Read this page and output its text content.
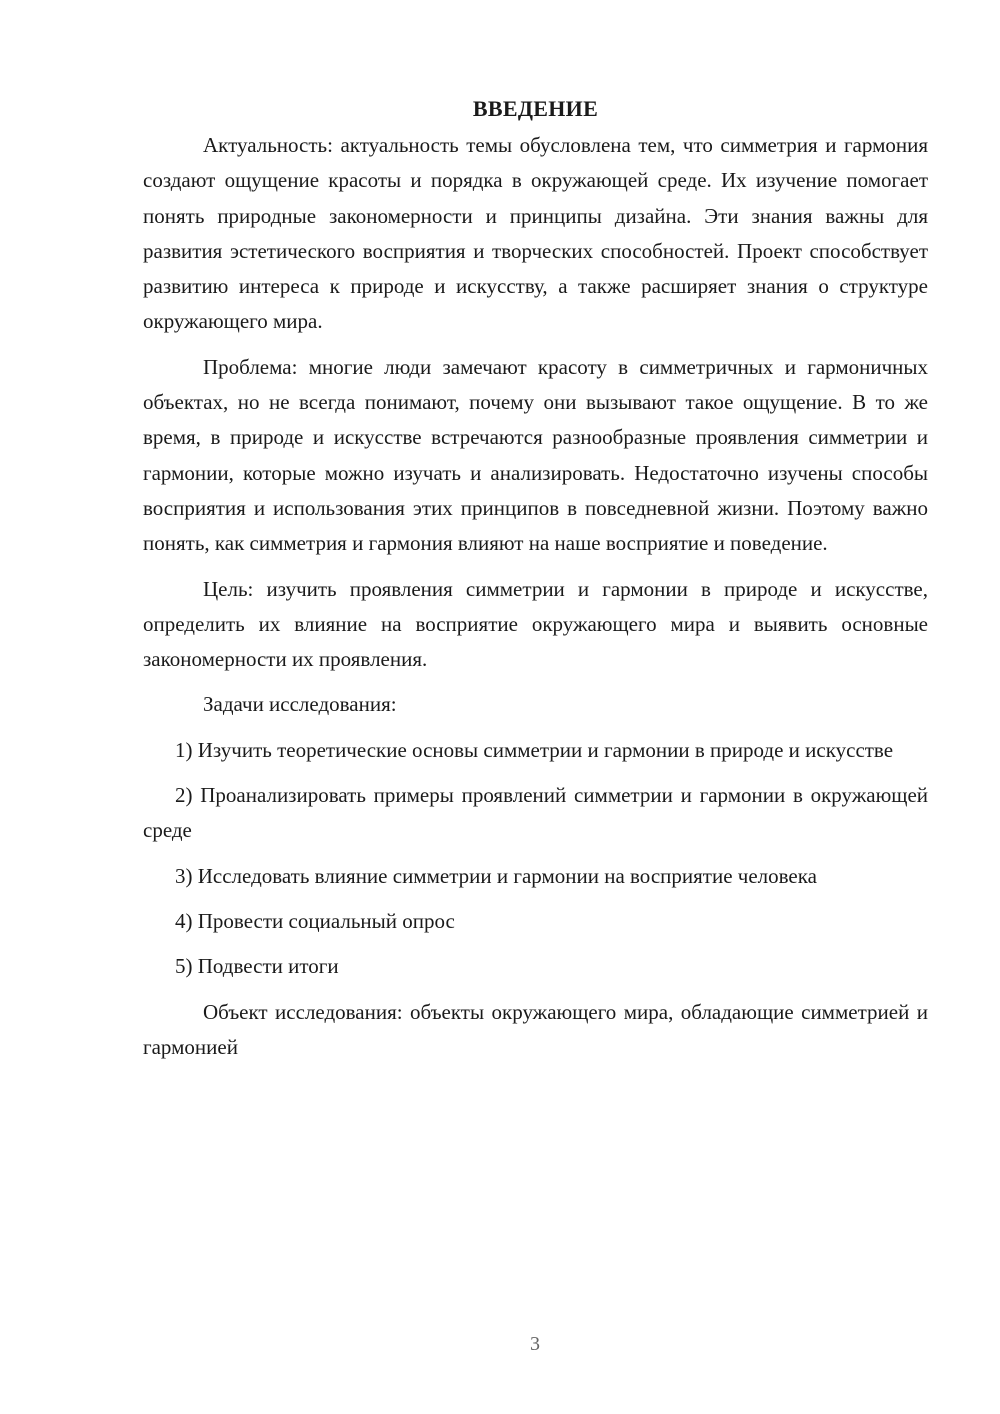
ВВЕДЕНИЕ

Актуальность: актуальность темы обусловлена тем, что симметрия и гармония создают ощущение красоты и порядка в окружающей среде. Их изучение помогает понять природные закономерности и принципы дизайна. Эти знания важны для развития эстетического восприятия и творческих способностей. Проект способствует развитию интереса к природе и искусству, а также расширяет знания о структуре окружающего мира.

Проблема: многие люди замечают красоту в симметричных и гармоничных объектах, но не всегда понимают, почему они вызывают такое ощущение. В то же время, в природе и искусстве встречаются разнообразные проявления симметрии и гармонии, которые можно изучать и анализировать. Недостаточно изучены способы восприятия и использования этих принципов в повседневной жизни. Поэтому важно понять, как симметрия и гармония влияют на наше восприятие и поведение.

Цель: изучить проявления симметрии и гармонии в природе и искусстве, определить их влияние на восприятие окружающего мира и выявить основные закономерности их проявления.

Задачи исследования:

1) Изучить теоретические основы симметрии и гармонии в природе и искусстве

2) Проанализировать примеры проявлений симметрии и гармонии в окружающей среде

3) Исследовать влияние симметрии и гармонии на восприятие человека

4) Провести социальный опрос

5) Подвести итоги

Объект исследования: объекты окружающего мира, обладающие симметрией и гармонией

3
